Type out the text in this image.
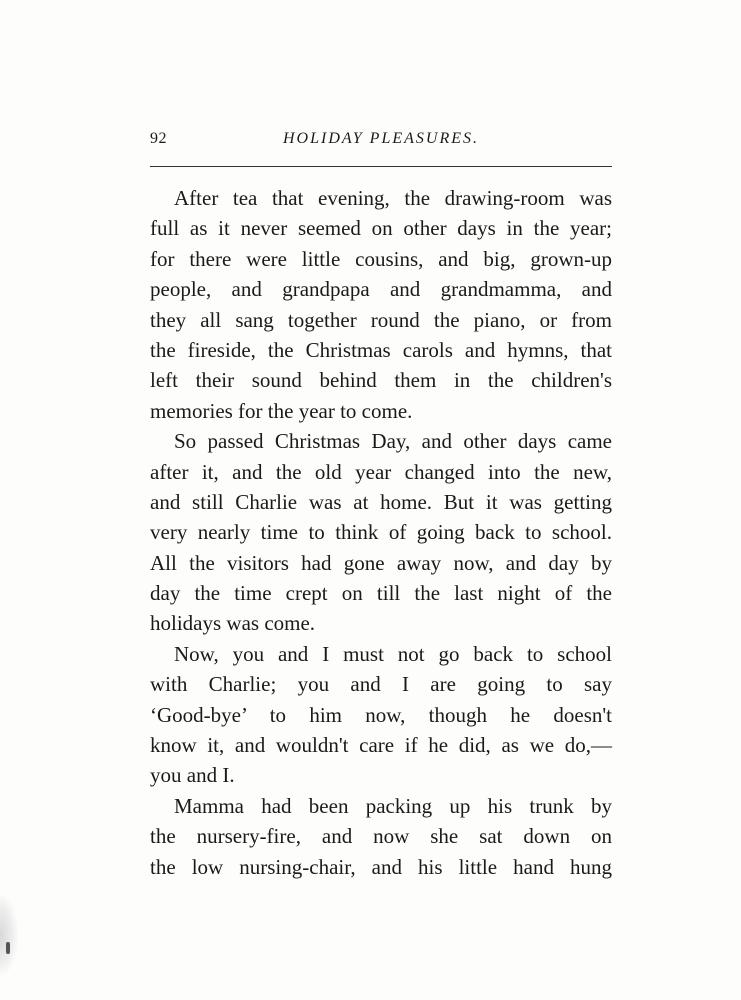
92	HOLIDAY PLEASURES.

After tea that evening, the drawing-room was
full as it never seemed on other days in the year;
for there were little cousins, and big, grown-up
people, and grandpapa and grandmamma, and
they all sang together round the piano, or from
the fireside, the Christmas carols and hymns, that
left their sound behind them in the children's
memories for the year to come.

So passed Christmas Day, and other days came
after it, and the old year changed into the new,
and still Charlie was at home. But it was getting
very nearly time to think of going back to school.
All the visitors had gone away now, and day by
day the time crept on till the last night of the
holidays was come.

Now, you and I must not go back to school
with Charlie; you and I are going to say
‘Good-bye’ to him now, though he doesn't
know it, and wouldn't care if he did, as we do,—
you and I.

Mamma had been packing up his trunk by
the nursery-fire, and now she sat down on
the low nursing-chair, and his little hand hung
